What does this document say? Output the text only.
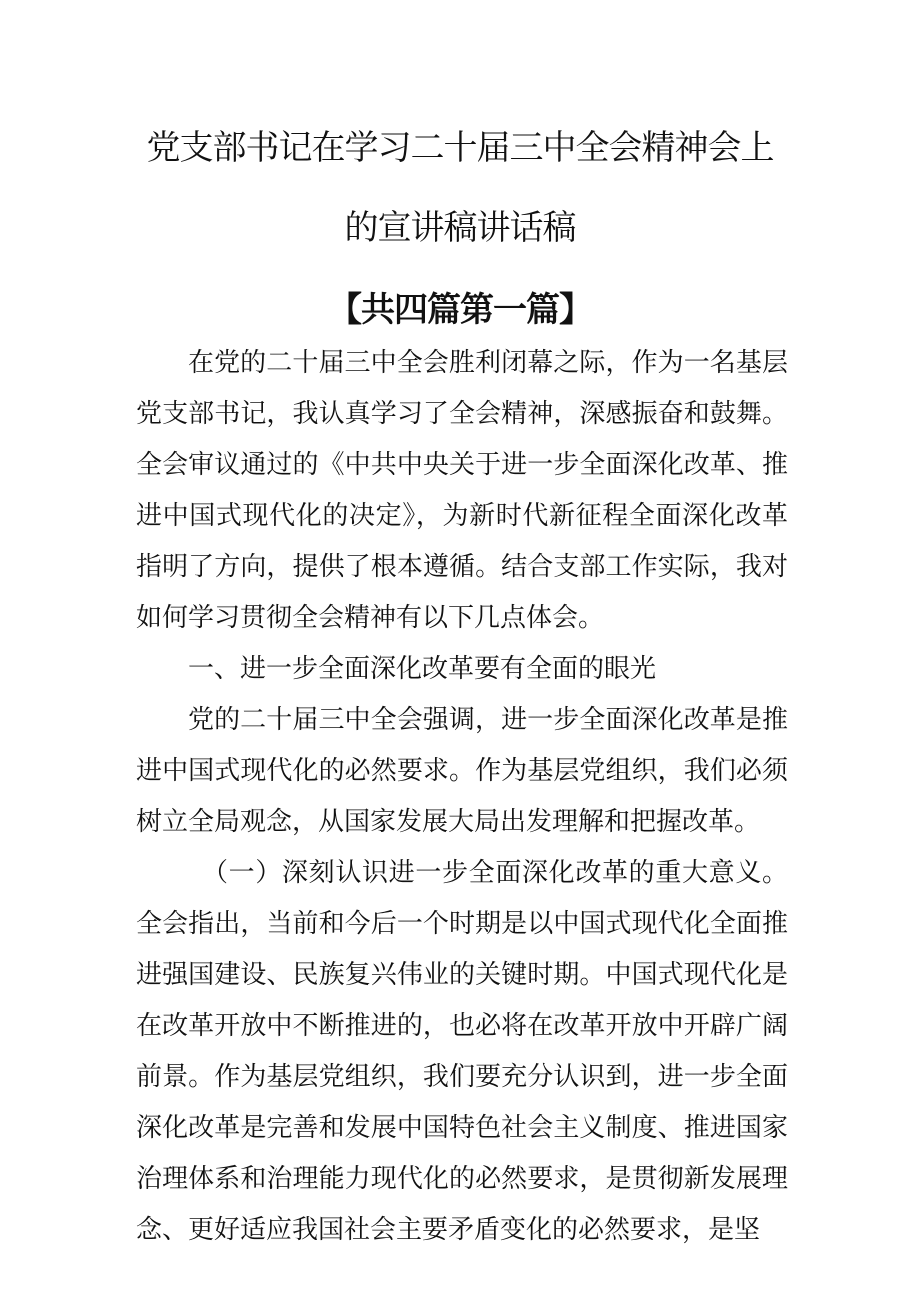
党支部书记在学习二十届三中全会精神会上
的宣讲稿讲话稿
【共四篇第一篇】

在党的二十届三中全会胜利闭幕之际，作为一名基层党支部书记，我认真学习了全会精神，深感振奋和鼓舞。全会审议通过的《中共中央关于进一步全面深化改革、推进中国式现代化的决定》，为新时代新征程全面深化改革指明了方向，提供了根本遵循。结合支部工作实际，我对如何学习贯彻全会精神有以下几点体会。

一、进一步全面深化改革要有全面的眼光

党的二十届三中全会强调，进一步全面深化改革是推进中国式现代化的必然要求。作为基层党组织，我们必须树立全局观念，从国家发展大局出发理解和把握改革。

（一）深刻认识进一步全面深化改革的重大意义。全会指出，当前和今后一个时期是以中国式现代化全面推进强国建设、民族复兴伟业的关键时期。中国式现代化是在改革开放中不断推进的，也必将在改革开放中开辟广阔前景。作为基层党组织，我们要充分认识到，进一步全面深化改革是完善和发展中国特色社会主义制度、推进国家治理体系和治理能力现代化的必然要求，是贯彻新发展理念、更好适应我国社会主要矛盾变化的必然要求，是坚
